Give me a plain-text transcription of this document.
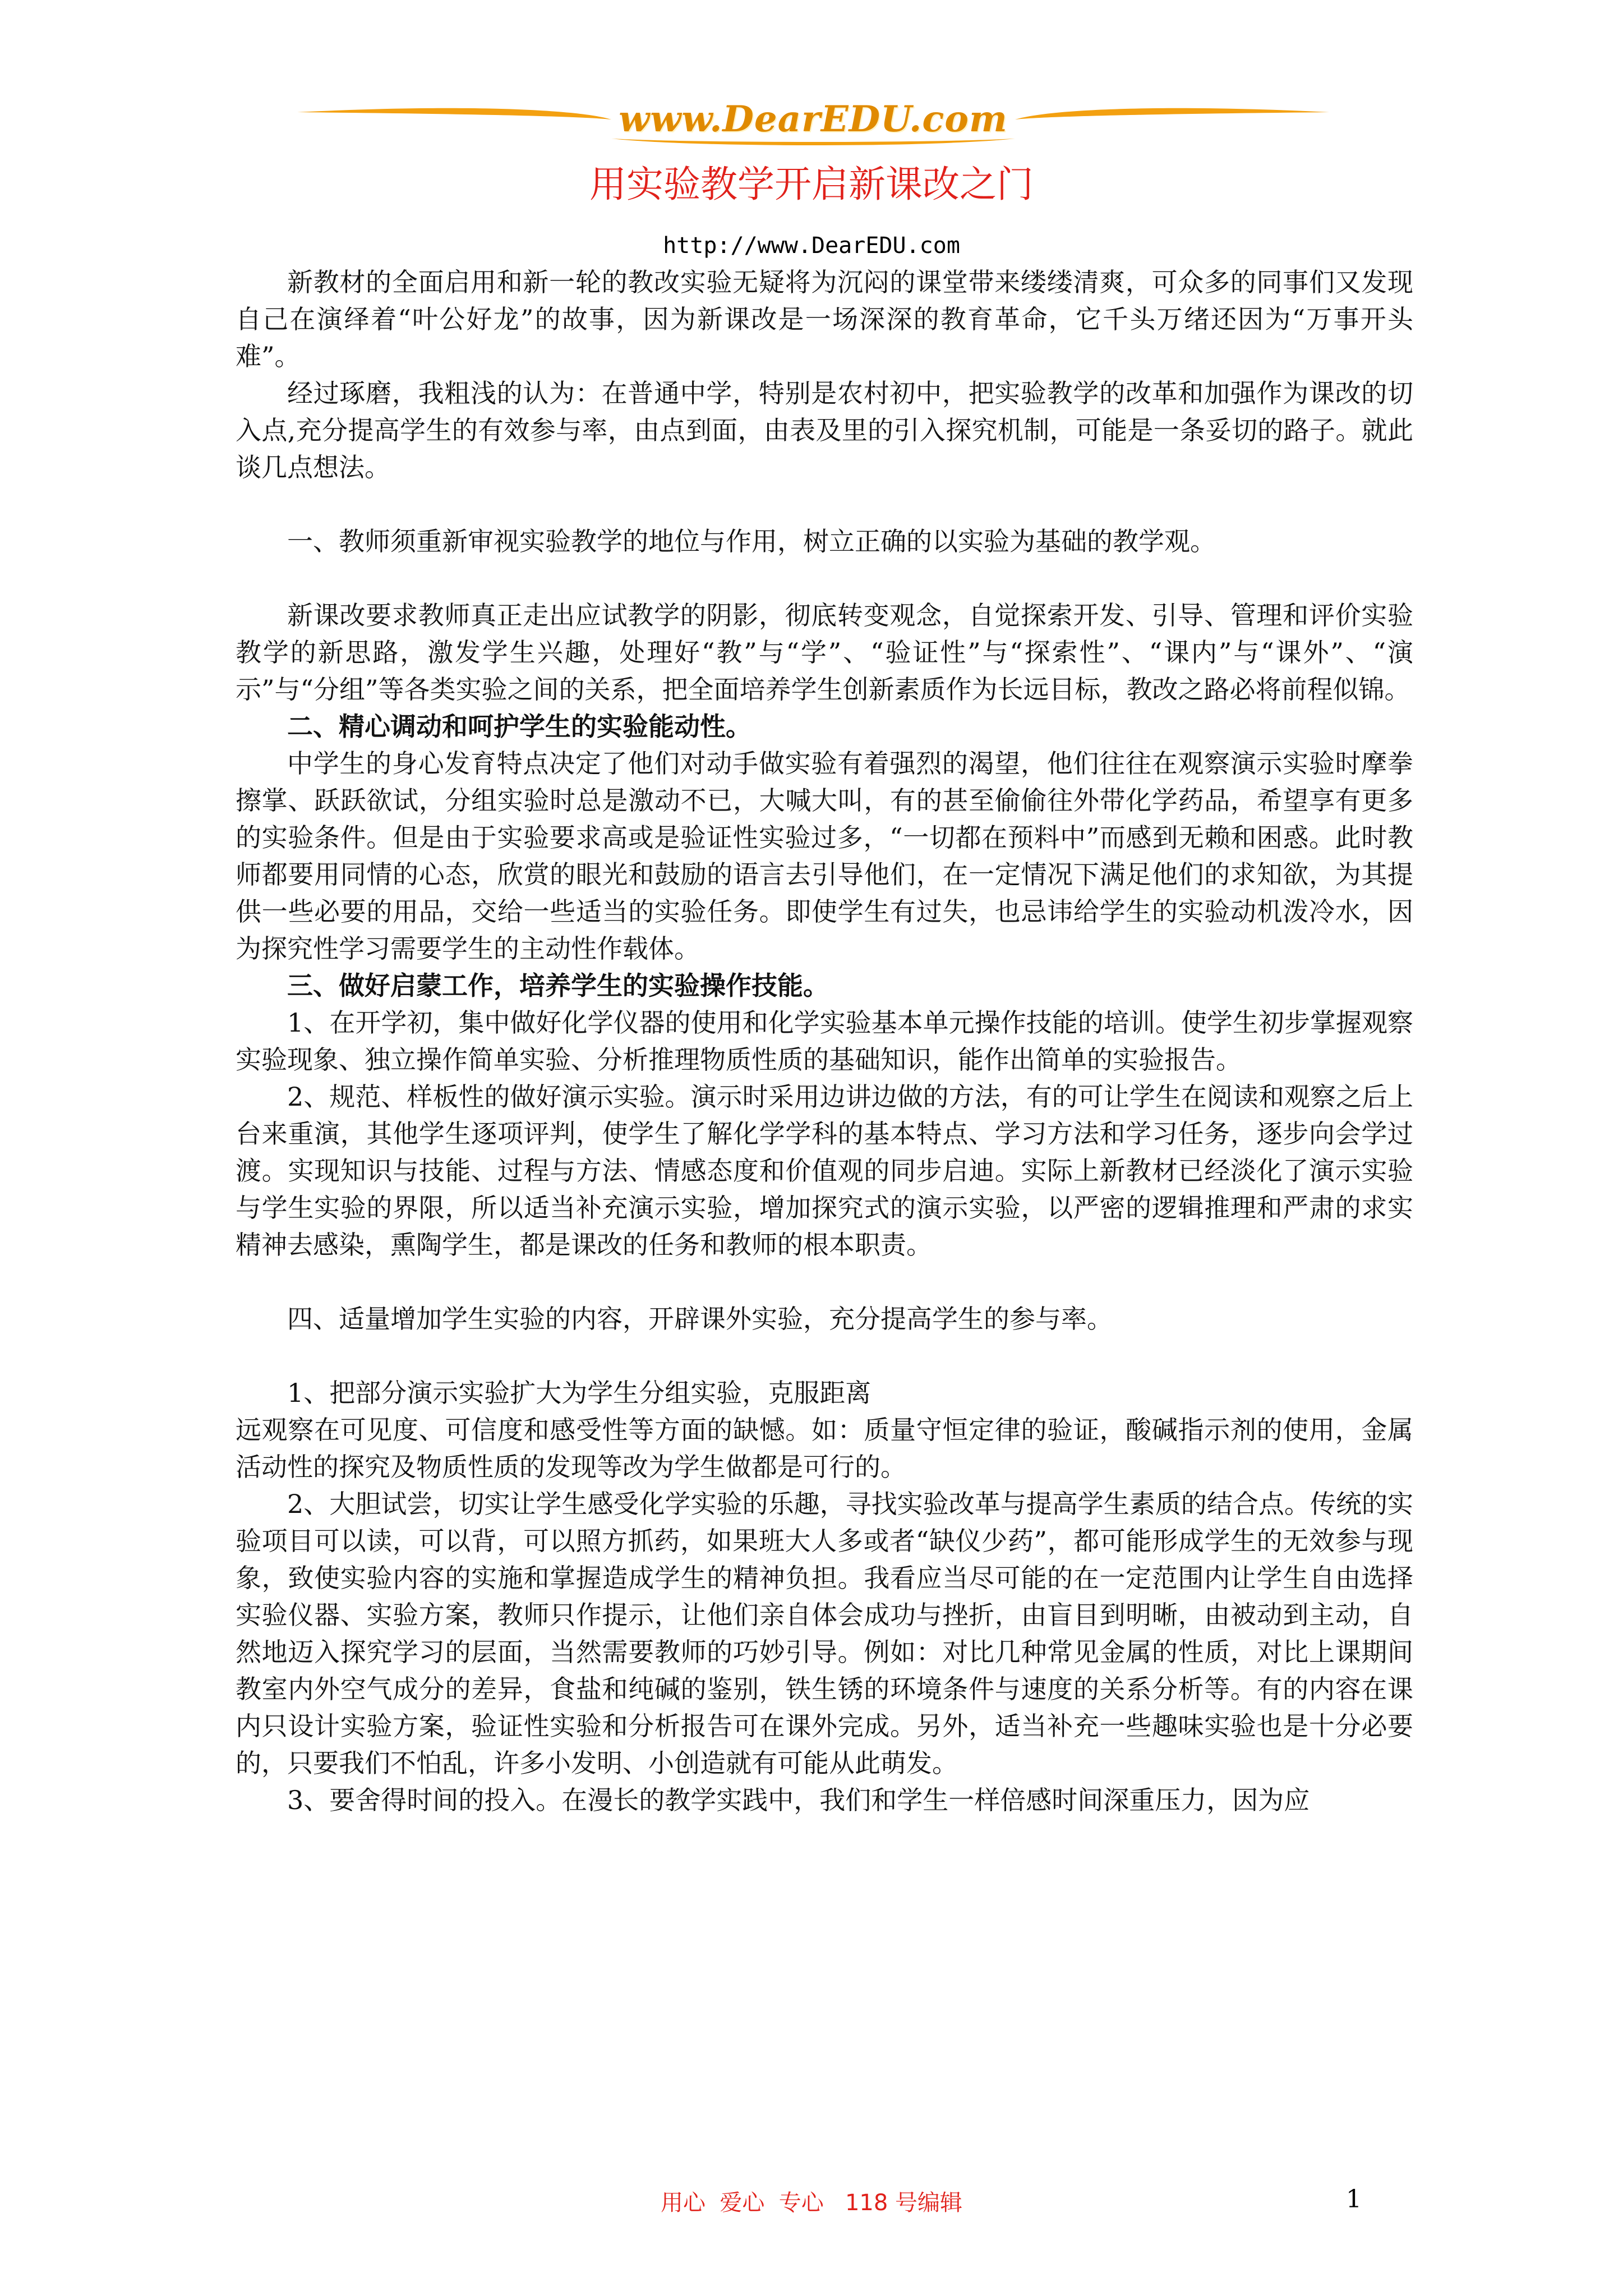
www.DearEDU.com
用实验教学开启新课改之门
http://www.DearEDU.com

新教材的全面启用和新一轮的教改实验无疑将为沉闷的课堂带来缕缕清爽，可众多的同事们又发现自己在演绎着“叶公好龙”的故事，因为新课改是一场深深的教育革命，它千头万绪还因为“万事开头难”。

经过琢磨，我粗浅的认为：在普通中学，特别是农村初中，把实验教学的改革和加强作为课改的切入点,充分提高学生的有效参与率，由点到面，由表及里的引入探究机制，可能是一条妥切的路子。就此谈几点想法。

一、教师须重新审视实验教学的地位与作用，树立正确的以实验为基础的教学观。

新课改要求教师真正走出应试教学的阴影，彻底转变观念，自觉探索开发、引导、管理和评价实验教学的新思路，激发学生兴趣，处理好“教”与“学”、“验证性”与“探索性”、“课内”与“课外”、“演示”与“分组”等各类实验之间的关系，把全面培养学生创新素质作为长远目标，教改之路必将前程似锦。

二、精心调动和呵护学生的实验能动性。

中学生的身心发育特点决定了他们对动手做实验有着强烈的渴望，他们往往在观察演示实验时摩拳擦掌、跃跃欲试，分组实验时总是激动不已，大喊大叫，有的甚至偷偷往外带化学药品，希望享有更多的实验条件。但是由于实验要求高或是验证性实验过多，“一切都在预料中”而感到无赖和困惑。此时教师都要用同情的心态，欣赏的眼光和鼓励的语言去引导他们，在一定情况下满足他们的求知欲，为其提供一些必要的用品，交给一些适当的实验任务。即使学生有过失，也忌讳给学生的实验动机泼冷水，因为探究性学习需要学生的主动性作载体。

三、做好启蒙工作，培养学生的实验操作技能。

1、在开学初，集中做好化学仪器的使用和化学实验基本单元操作技能的培训。使学生初步掌握观察实验现象、独立操作简单实验、分析推理物质性质的基础知识，能作出简单的实验报告。

2、规范、样板性的做好演示实验。演示时采用边讲边做的方法，有的可让学生在阅读和观察之后上台来重演，其他学生逐项评判，使学生了解化学学科的基本特点、学习方法和学习任务，逐步向会学过渡。实现知识与技能、过程与方法、情感态度和价值观的同步启迪。实际上新教材已经淡化了演示实验与学生实验的界限，所以适当补充演示实验，增加探究式的演示实验，以严密的逻辑推理和严肃的求实精神去感染，熏陶学生，都是课改的任务和教师的根本职责。

四、适量增加学生实验的内容，开辟课外实验，充分提高学生的参与率。

1、把部分演示实验扩大为学生分组实验，克服距离

远观察在可见度、可信度和感受性等方面的缺憾。如：质量守恒定律的验证，酸碱指示剂的使用，金属活动性的探究及物质性质的发现等改为学生做都是可行的。

2、大胆试尝，切实让学生感受化学实验的乐趣，寻找实验改革与提高学生素质的结合点。传统的实验项目可以读，可以背，可以照方抓药，如果班大人多或者“缺仪少药”，都可能形成学生的无效参与现象，致使实验内容的实施和掌握造成学生的精神负担。我看应当尽可能的在一定范围内让学生自由选择实验仪器、实验方案，教师只作提示，让他们亲自体会成功与挫折，由盲目到明晰，由被动到主动，自然地迈入探究学习的层面，当然需要教师的巧妙引导。例如：对比几种常见金属的性质，对比上课期间教室内外空气成分的差异，食盐和纯碱的鉴别，铁生锈的环境条件与速度的关系分析等。有的内容在课内只设计实验方案，验证性实验和分析报告可在课外完成。另外，适当补充一些趣味实验也是十分必要的，只要我们不怕乱，许多小发明、小创造就有可能从此萌发。

3、要舍得时间的投入。在漫长的教学实践中，我们和学生一样倍感时间深重压力，因为应

用心  爱心  专心   118 号编辑	1
